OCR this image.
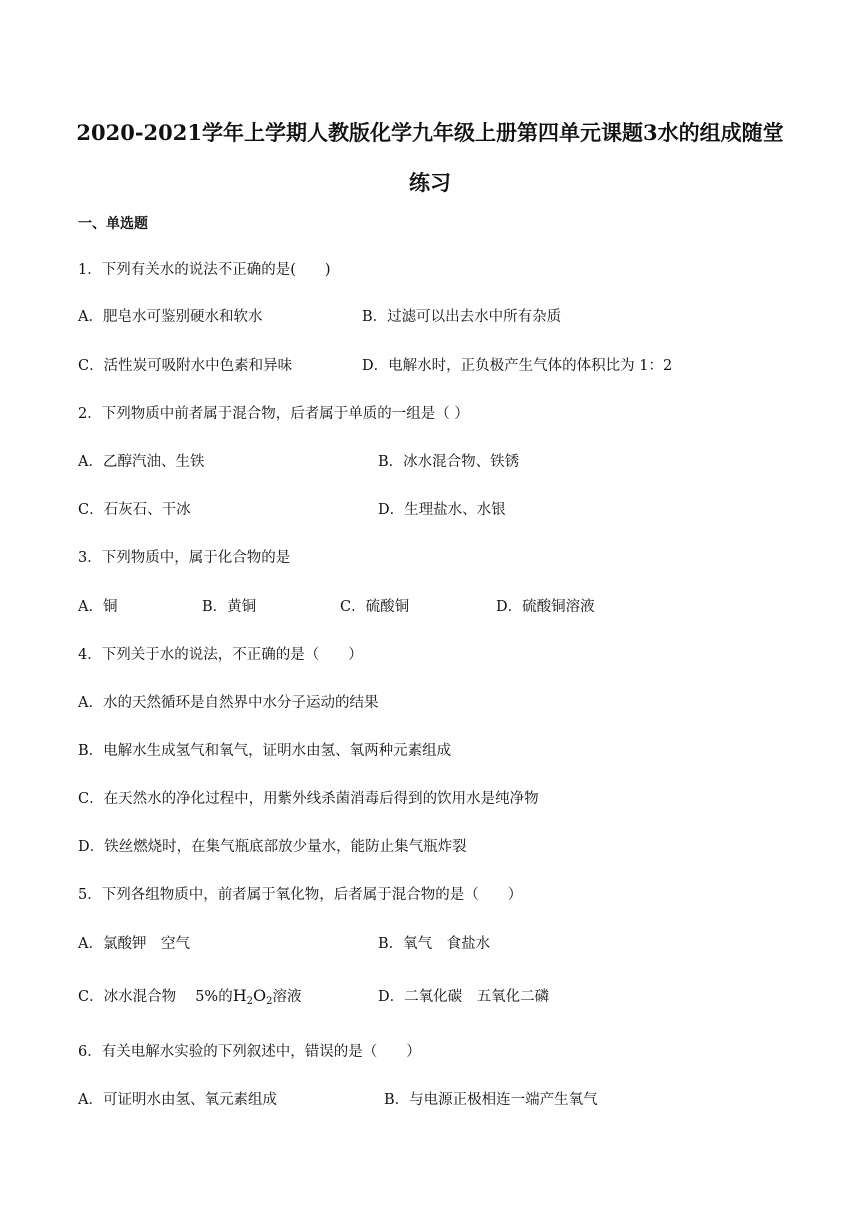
2020-2021学年上学期人教版化学九年级上册第四单元课题3水的组成随堂
练习
一、单选题
1．下列有关水的说法不正确的是(　　)
A．肥皂水可鉴别硬水和软水	B．过滤可以出去水中所有杂质
C．活性炭可吸附水中色素和异味	D．电解水时，正负极产生气体的体积比为 1：2
2．下列物质中前者属于混合物，后者属于单质的一组是（ ）
A．乙醇汽油、生铁	B．冰水混合物、铁锈
C．石灰石、干冰	D．生理盐水、水银
3．下列物质中，属于化合物的是
A．铜	B．黄铜	C．硫酸铜	D．硫酸铜溶液
4．下列关于水的说法，不正确的是（　　）
A．水的天然循环是自然界中水分子运动的结果
B．电解水生成氢气和氧气，证明水由氢、氧两种元素组成
C．在天然水的净化过程中，用紫外线杀菌消毒后得到的饮用水是纯净物
D．铁丝燃烧时，在集气瓶底部放少量水，能防止集气瓶炸裂
5．下列各组物质中，前者属于氧化物，后者属于混合物的是（　　）
A．氯酸钾　空气	B．氧气　食盐水
C．冰水混合物　 5%的$H_2O_2$溶液	D．二氧化碳　五氧化二磷
6．有关电解水实验的下列叙述中，错误的是（　　）
A．可证明水由氢、氧元素组成	B．与电源正极相连一端产生氧气
